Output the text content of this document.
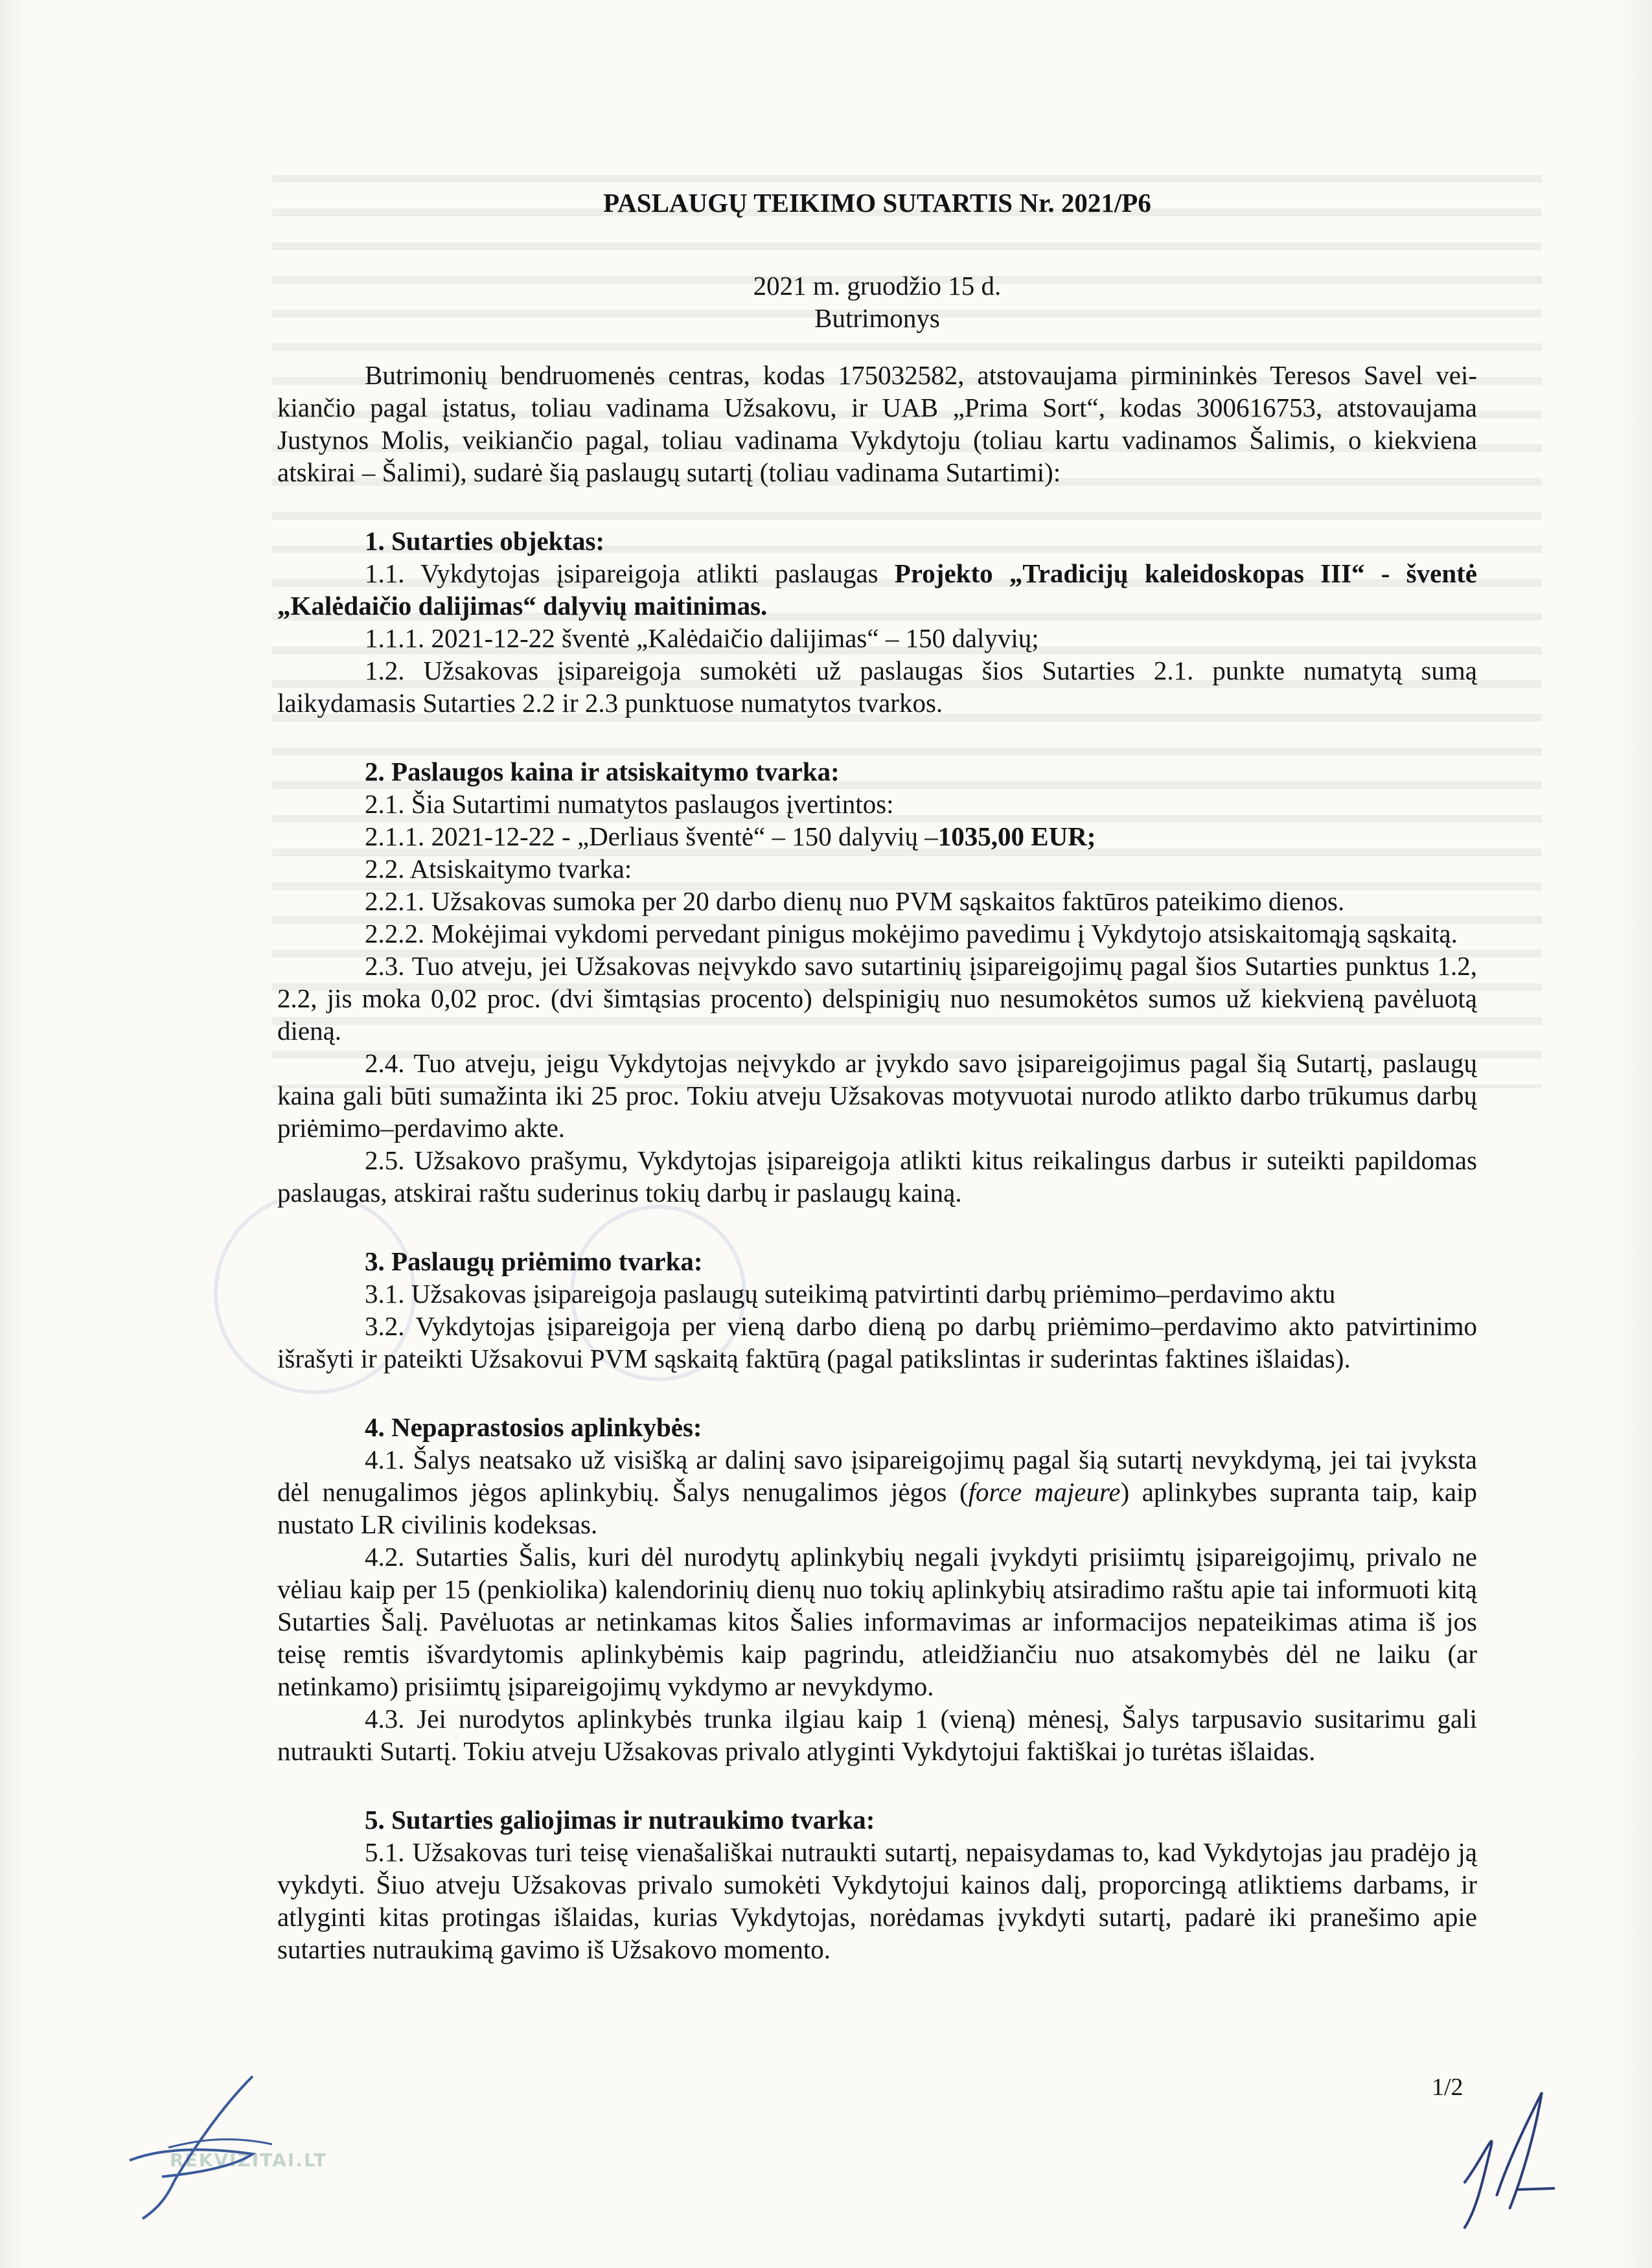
PASLAUGŲ TEIKIMO SUTARTIS Nr. 2021/P6

2021 m. gruodžio 15 d.

Butrimonys

Butrimonių bendruomenės centras, kodas 175032582, atstovaujama pirmininkės Teresos Savel vei-kiančio pagal įstatus, toliau vadinama Užsakovu, ir UAB „Prima Sort“, kodas 300616753, atstovaujama Justynos Molis, veikiančio pagal, toliau vadinama Vykdytoju (toliau kartu vadinamos Šalimis, o kiekviena atskirai – Šalimi), sudarė šią paslaugų sutartį (toliau vadinama Sutartimi):

1. Sutarties objektas:

1.1. Vykdytojas įsipareigoja atlikti paslaugas Projekto „Tradicijų kaleidoskopas III“ - šventė „Kalėdaičio dalijimas“ dalyvių maitinimas.

1.1.1. 2021-12-22 šventė „Kalėdaičio dalijimas“ – 150 dalyvių;

1.2. Užsakovas įsipareigoja sumokėti už paslaugas šios Sutarties 2.1. punkte numatytą sumą laikydamasis Sutarties 2.2 ir 2.3 punktuose numatytos tvarkos.

2. Paslaugos kaina ir atsiskaitymo tvarka:

2.1. Šia Sutartimi numatytos paslaugos įvertintos:

2.1.1. 2021-12-22 - „Derliaus šventė“ – 150 dalyvių –1035,00 EUR;

2.2. Atsiskaitymo tvarka:

2.2.1. Užsakovas sumoka per 20 darbo dienų nuo PVM sąskaitos faktūros pateikimo dienos.

2.2.2. Mokėjimai vykdomi pervedant pinigus mokėjimo pavedimu į Vykdytojo atsiskaitomąją sąskaitą.

2.3. Tuo atveju, jei Užsakovas neįvykdo savo sutartinių įsipareigojimų pagal šios Sutarties punktus 1.2, 2.2, jis moka 0,02 proc. (dvi šimtąsias procento) delspinigių nuo nesumokėtos sumos už kiekvieną pavėluotą dieną.

2.4. Tuo atveju, jeigu Vykdytojas neįvykdo ar įvykdo savo įsipareigojimus pagal šią Sutartį, paslaugų kaina gali būti sumažinta iki 25 proc. Tokiu atveju Užsakovas motyvuotai nurodo atlikto darbo trūkumus darbų priėmimo–perdavimo akte.

2.5. Užsakovo prašymu, Vykdytojas įsipareigoja atlikti kitus reikalingus darbus ir suteikti papildomas paslaugas, atskirai raštu suderinus tokių darbų ir paslaugų kainą.

3. Paslaugų priėmimo tvarka:

3.1. Užsakovas įsipareigoja paslaugų suteikimą patvirtinti darbų priėmimo–perdavimo aktu

3.2. Vykdytojas įsipareigoja per vieną darbo dieną po darbų priėmimo–perdavimo akto patvirtinimo išrašyti ir pateikti Užsakovui PVM sąskaitą faktūrą (pagal patikslintas ir suderintas faktines išlaidas).

4. Nepaprastosios aplinkybės:

4.1. Šalys neatsako už visišką ar dalinį savo įsipareigojimų pagal šią sutartį nevykdymą, jei tai įvyksta dėl nenugalimos jėgos aplinkybių. Šalys nenugalimos jėgos (force majeure) aplinkybes supranta taip, kaip nustato LR civilinis kodeksas.

4.2. Sutarties Šalis, kuri dėl nurodytų aplinkybių negali įvykdyti prisiimtų įsipareigojimų, privalo ne vėliau kaip per 15 (penkiolika) kalendorinių dienų nuo tokių aplinkybių atsiradimo raštu apie tai informuoti kitą Sutarties Šalį. Pavėluotas ar netinkamas kitos Šalies informavimas ar informacijos nepateikimas atima iš jos teisę remtis išvardytomis aplinkybėmis kaip pagrindu, atleidžiančiu nuo atsakomybės dėl ne laiku (ar netinkamo) prisiimtų įsipareigojimų vykdymo ar nevykdymo.

4.3. Jei nurodytos aplinkybės trunka ilgiau kaip 1 (vieną) mėnesį, Šalys tarpusavio susitarimu gali nutraukti Sutartį. Tokiu atveju Užsakovas privalo atlyginti Vykdytojui faktiškai jo turėtas išlaidas.

5. Sutarties galiojimas ir nutraukimo tvarka:

5.1. Užsakovas turi teisę vienašališkai nutraukti sutartį, nepaisydamas to, kad Vykdytojas jau pradėjo ją vykdyti. Šiuo atveju Užsakovas privalo sumokėti Vykdytojui kainos dalį, proporcingą atliktiems darbams, ir atlyginti kitas protingas išlaidas, kurias Vykdytojas, norėdamas įvykdyti sutartį, padarė iki pranešimo apie sutarties nutraukimą gavimo iš Užsakovo momento.

1/2
REKVIZITAI.LT
